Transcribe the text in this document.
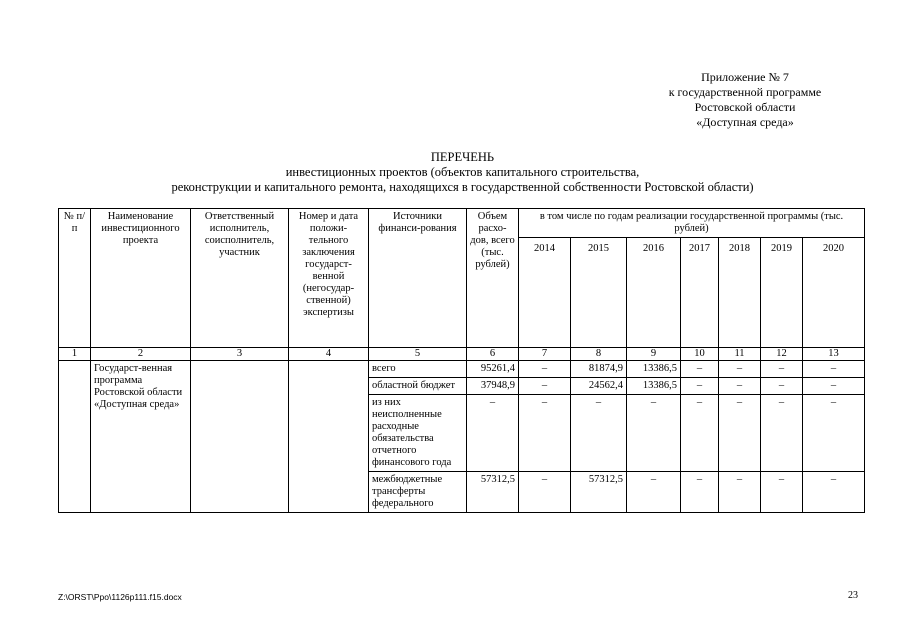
Приложение № 7
к государственной программе
Ростовской области
«Доступная среда»
ПЕРЕЧЕНЬ
инвестиционных проектов (объектов капитального строительства,
реконструкции и капитального ремонта, находящихся в государственной собственности Ростовской области)
№ п/п	Наименование инвестиционного проекта	Ответственный исполнитель, соисполнитель, участник	Номер и дата положи-тельного заключения государст-венной (негосудар-ственной) экспертизы	Источники финанси-рования	Объем расхо-дов, всего (тыс. рублей)	в том числе по годам реализации государственной программы (тыс. рублей)						
						2014	2015	2016	2017	2018	2019	2020
1	2	3	4	5	6	7	8	9	10	11	12	13
	Государст-венная программа Ростовской области «Доступная среда»			всего	95261,4	–	81874,9	13386,5	–	–	–	–
				областной бюджет	37948,9	–	24562,4	13386,5	–	–	–	–
				из них неисполненные расходные обязательства отчетного финансового года	–	–	–	–	–	–	–	–
				межбюджетные трансферты федерального	57312,5	–	57312,5	–	–	–	–	–
Z:\ORST\Ppo\1126p111.f15.docx	23
